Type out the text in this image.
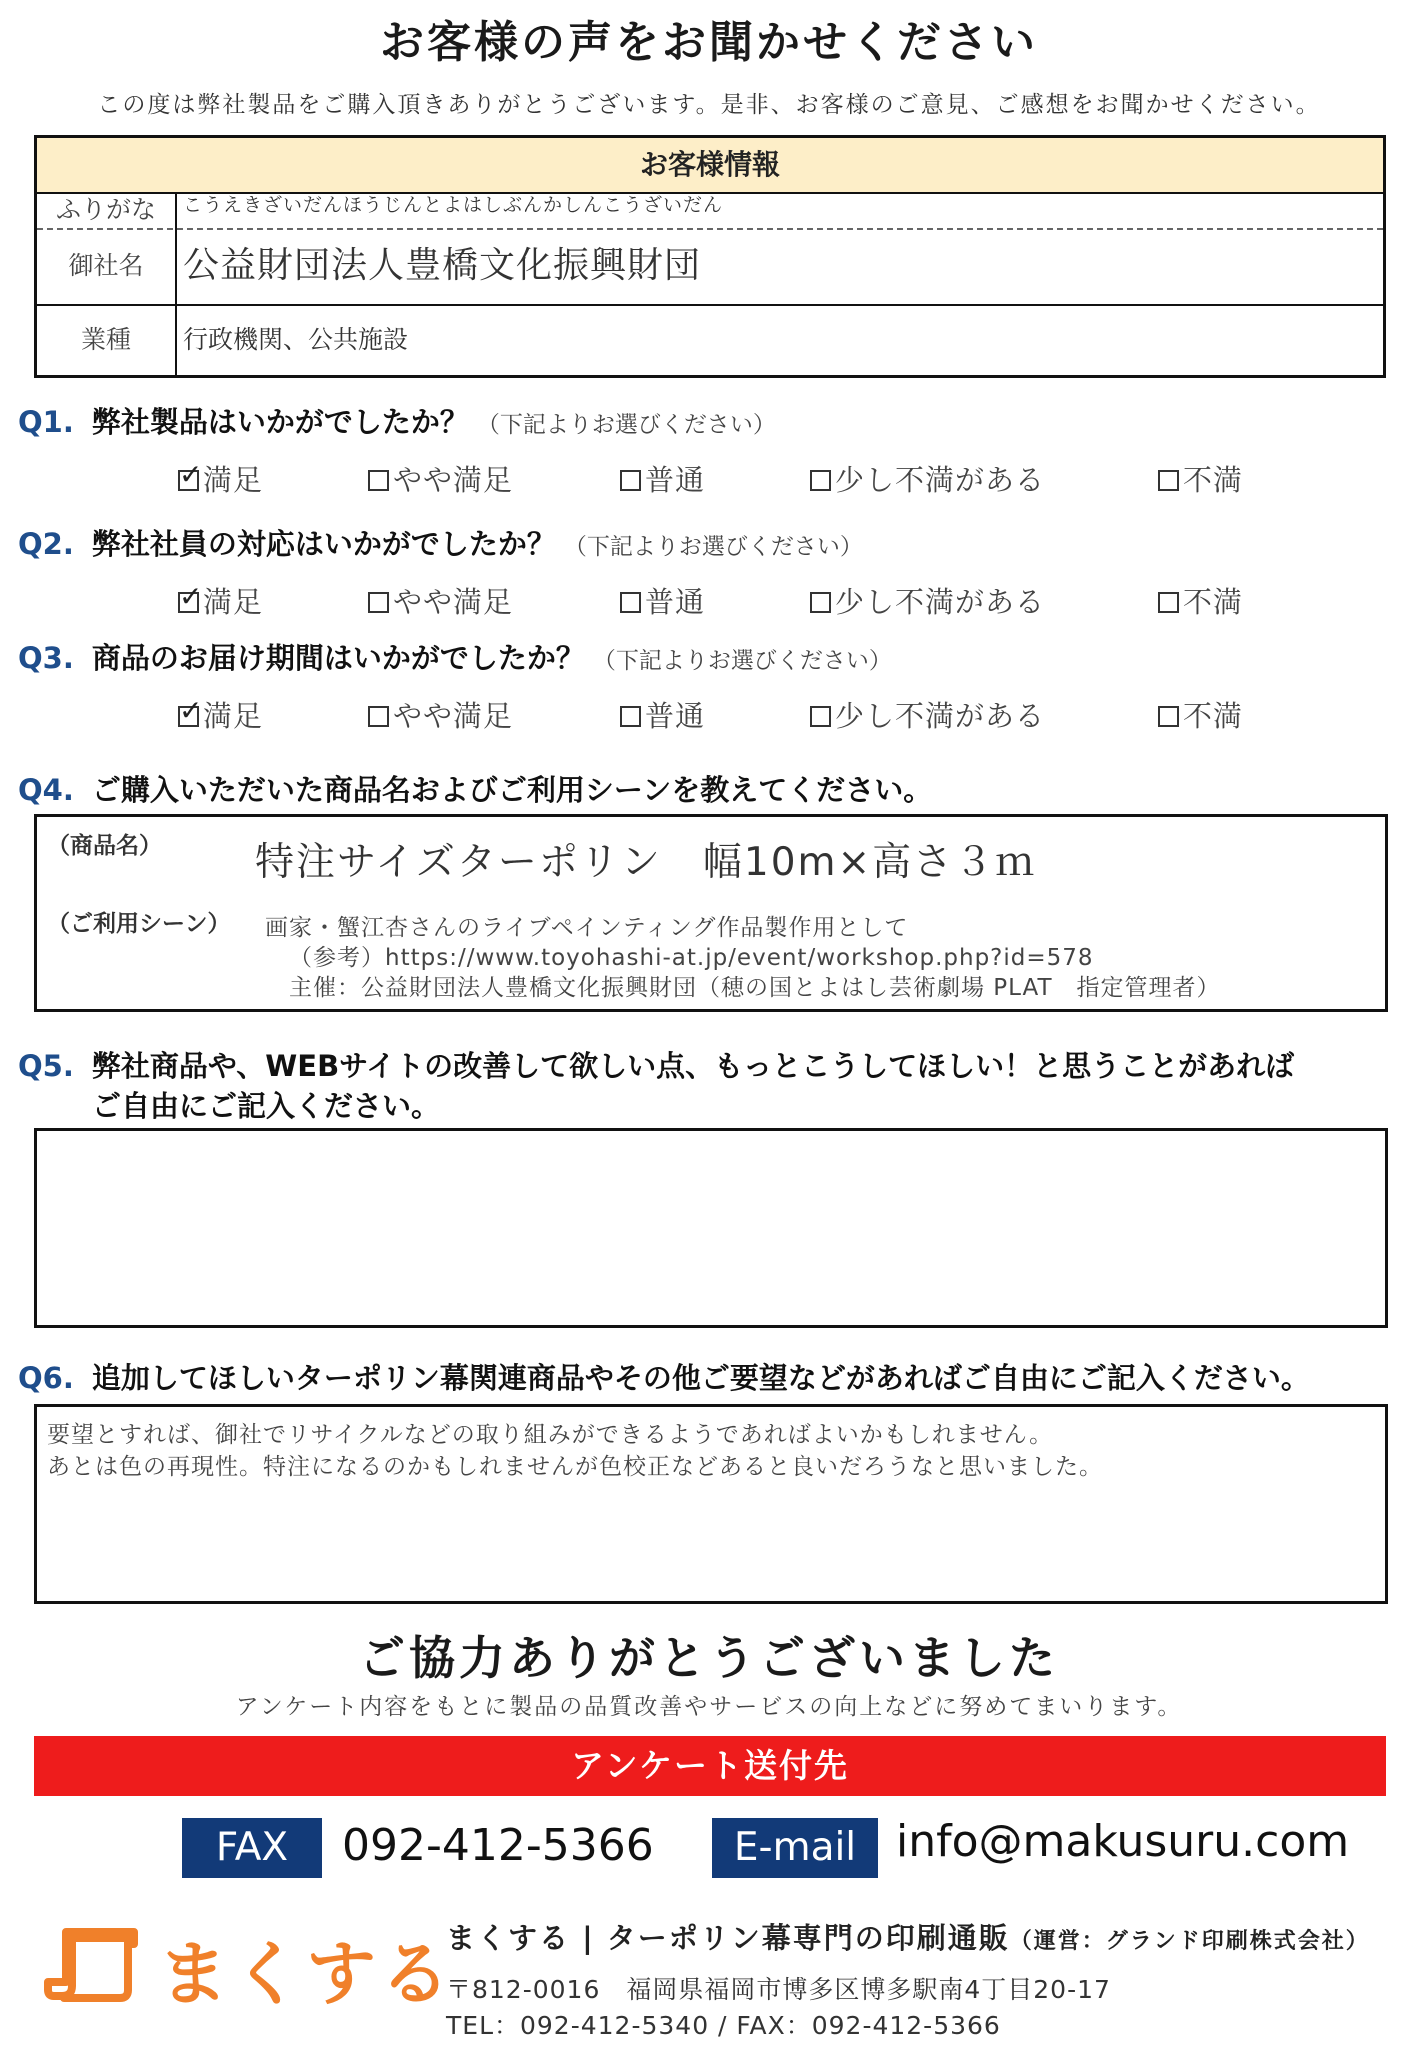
お客様の声をお聞かせください
この度は弊社製品をご購入頂きありがとうございます。是非、お客様のご意見、ご感想をお聞かせください。
お客様情報
ふりがな	こうえきざいだんほうじんとよはしぶんかしんこうざいだん
御社名	公益財団法人豊橋文化振興財団
業種	行政機関、公共施設
Q1. 弊社製品はいかがでしたか？ （下記よりお選びください）
✓満足	やや満足	普通	少し不満がある	不満
Q2. 弊社社員の対応はいかがでしたか？ （下記よりお選びください）
✓満足	やや満足	普通	少し不満がある	不満
Q3. 商品のお届け期間はいかがでしたか？ （下記よりお選びください）
✓満足	やや満足	普通	少し不満がある	不満
Q4. ご購入いただいた商品名およびご利用シーンを教えてください。
（商品名） 特注サイズターポリン　幅10m×高さ３ｍ
（ご利用シーン） 画家・蟹江杏さんのライブペインティング作品製作用として
（参考）https://www.toyohashi-at.jp/event/workshop.php?id=578
主催：公益財団法人豊橋文化振興財団（穂の国とよはし芸術劇場 PLAT　指定管理者）
Q5. 弊社商品や、WEBサイトの改善して欲しい点、もっとこうしてほしい！と思うことがあれば
ご自由にご記入ください。
Q6. 追加してほしいターポリン幕関連商品やその他ご要望などがあればご自由にご記入ください。
要望とすれば、御社でリサイクルなどの取り組みができるようであればよいかもしれません。
あとは色の再現性。特注になるのかもしれませんが色校正などあると良いだろうなと思いました。
ご協力ありがとうございました
アンケート内容をもとに製品の品質改善やサービスの向上などに努めてまいります。
アンケート送付先
FAX	092-412-5366	E-mail info@makusuru.com
まくする
まくする | ターポリン幕専門の印刷通販（運営：グランド印刷株式会社）
〒812-0016　福岡県福岡市博多区博多駅南4丁目20-17
TEL：092-412-5340 / FAX：092-412-5366
